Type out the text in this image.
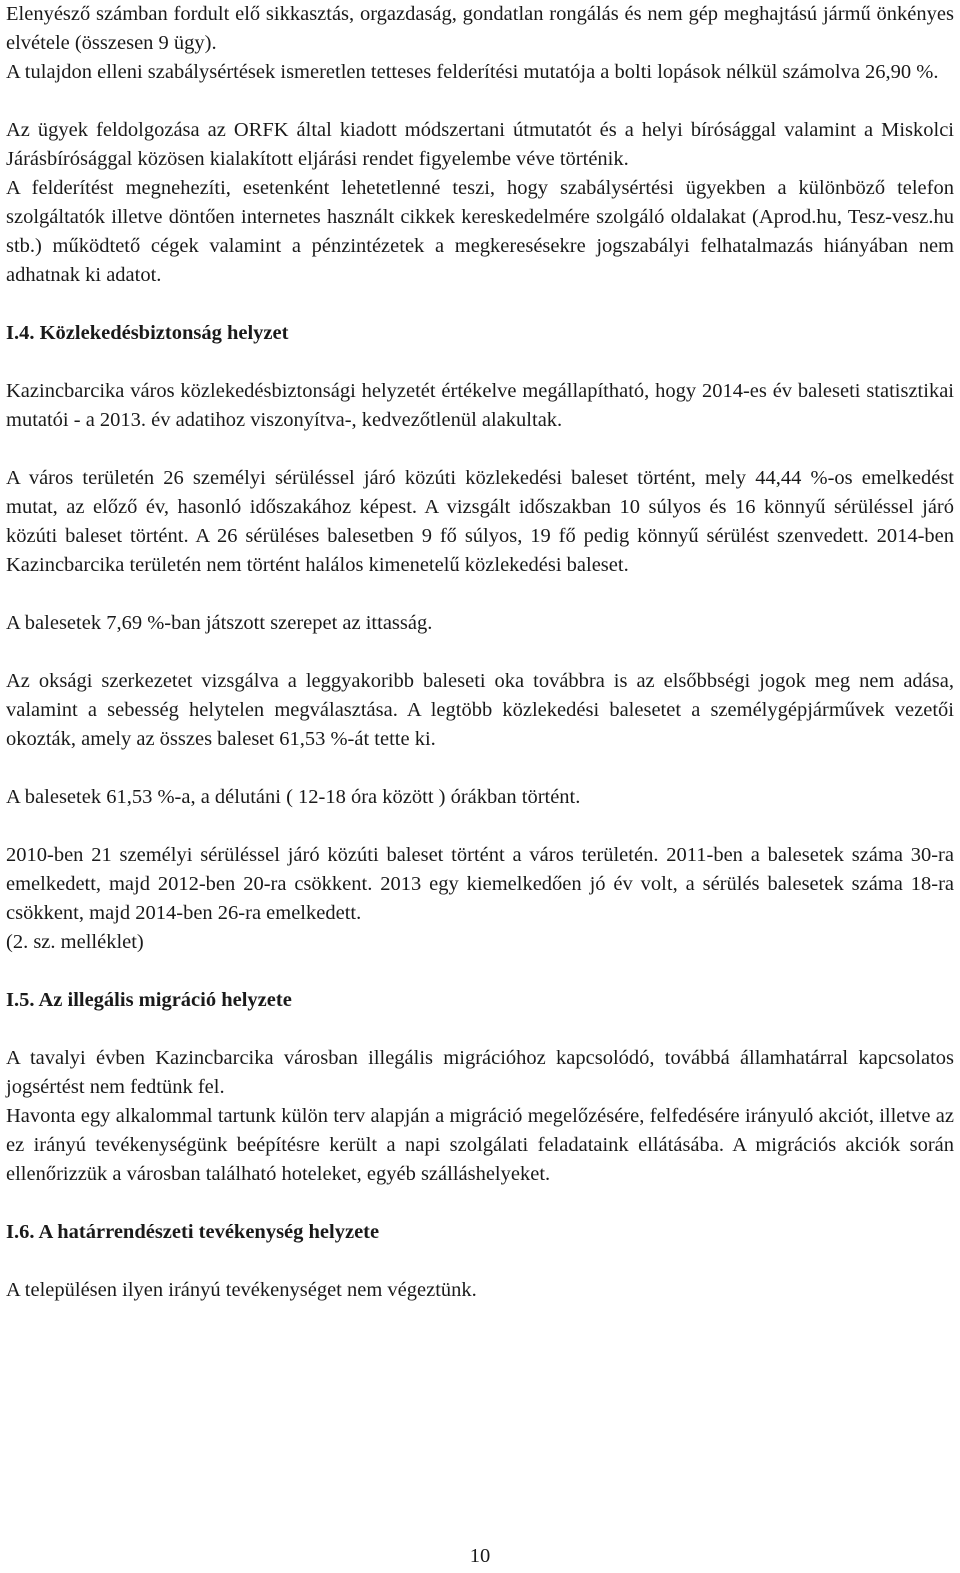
Elenyésző számban fordult elő sikkasztás, orgazdaság, gondatlan rongálás és nem gép meghajtású jármű önkényes elvétele (összesen 9 ügy).

A tulajdon elleni szabálysértések ismeretlen tetteses felderítési mutatója a bolti lopások nélkül számolva 26,90 %.

Az ügyek feldolgozása az ORFK által kiadott módszertani útmutatót és a helyi bírósággal valamint a Miskolci Járásbírósággal közösen kialakított eljárási rendet figyelembe véve történik.

A felderítést megnehezíti, esetenként lehetetlenné teszi, hogy szabálysértési ügyekben a különböző telefon szolgáltatók illetve döntően internetes használt cikkek kereskedelmére szolgáló oldalakat (Aprod.hu, Tesz-vesz.hu stb.) működtető cégek valamint a pénzintézetek a megkeresésekre jogszabályi felhatalmazás hiányában nem adhatnak ki adatot.

I.4. Közlekedésbiztonság helyzet

Kazincbarcika város közlekedésbiztonsági helyzetét értékelve megállapítható, hogy 2014-es év baleseti statisztikai mutatói - a 2013. év adatihoz viszonyítva-, kedvezőtlenül alakultak.

A város területén 26 személyi sérüléssel járó közúti közlekedési baleset történt, mely 44,44 %-os emelkedést mutat, az előző év, hasonló időszakához képest. A vizsgált időszakban 10 súlyos és 16 könnyű sérüléssel járó közúti baleset történt. A 26 sérüléses balesetben 9 fő súlyos, 19 fő pedig könnyű sérülést szenvedett. 2014-ben Kazincbarcika területén nem történt halálos kimenetelű közlekedési baleset.

A balesetek 7,69 %-ban játszott szerepet az ittasság.

Az oksági szerkezetet vizsgálva a leggyakoribb baleseti oka továbbra is az elsőbbségi jogok meg nem adása, valamint a sebesség helytelen megválasztása. A legtöbb közlekedési balesetet a személygépjárművek vezetői okozták, amely az összes baleset 61,53 %-át tette ki.

A balesetek 61,53 %-a, a délutáni ( 12-18 óra között ) órákban történt.

2010-ben 21 személyi sérüléssel járó közúti baleset történt a város területén. 2011-ben a balesetek száma 30-ra emelkedett, majd 2012-ben 20-ra csökkent. 2013 egy kiemelkedően jó év volt, a sérülés balesetek száma 18-ra csökkent, majd 2014-ben 26-ra emelkedett.

(2. sz. melléklet)

I.5. Az illegális migráció helyzete

A tavalyi évben Kazincbarcika városban illegális migrációhoz kapcsolódó, továbbá államhatárral kapcsolatos jogsértést nem fedtünk fel.

Havonta egy alkalommal tartunk külön terv alapján a migráció megelőzésére, felfedésére irányuló akciót, illetve az ez irányú tevékenységünk beépítésre került a napi szolgálati feladataink ellátásába. A migrációs akciók során ellenőrizzük a városban található hoteleket, egyéb szálláshelyeket.

I.6. A határrendészeti tevékenység helyzete

A településen ilyen irányú tevékenységet nem végeztünk.

10
